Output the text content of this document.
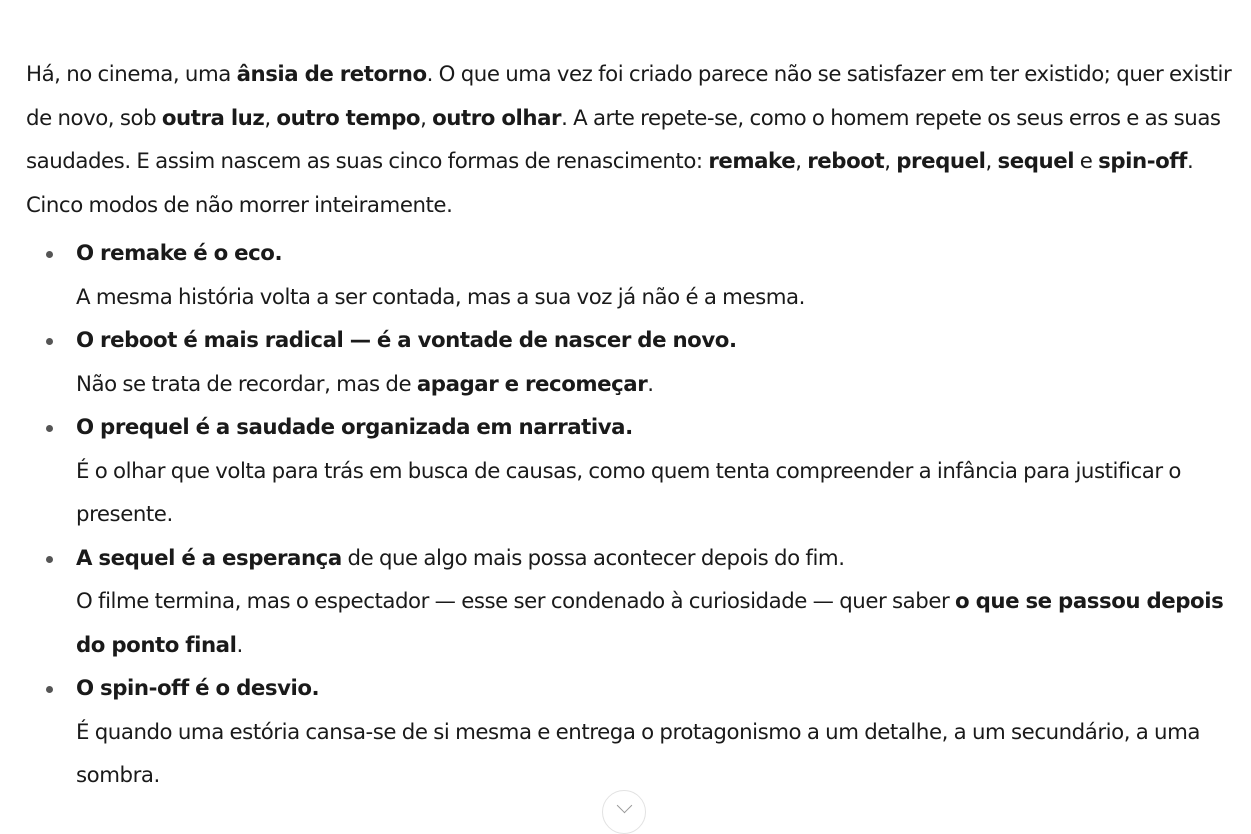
Há, no cinema, uma ânsia de retorno. O que uma vez foi criado parece não se satisfazer em ter existido; quer existir de novo, sob outra luz, outro tempo, outro olhar. A arte repete-se, como o homem repete os seus erros e as suas saudades. E assim nascem as suas cinco formas de renascimento: remake, reboot, prequel, sequel e spin-off. Cinco modos de não morrer inteiramente.

O remake é o eco.
A mesma história volta a ser contada, mas a sua voz já não é a mesma.
O reboot é mais radical — é a vontade de nascer de novo.
Não se trata de recordar, mas de apagar e recomeçar.
O prequel é a saudade organizada em narrativa.
É o olhar que volta para trás em busca de causas, como quem tenta compreender a infância para justificar o presente.
A sequel é a esperança de que algo mais possa acontecer depois do fim.
O filme termina, mas o espectador — esse ser condenado à curiosidade — quer saber o que se passou depois do ponto final.
O spin-off é o desvio.
É quando uma estória cansa-se de si mesma e entrega o protagonismo a um detalhe, a um secundário, a uma sombra.
